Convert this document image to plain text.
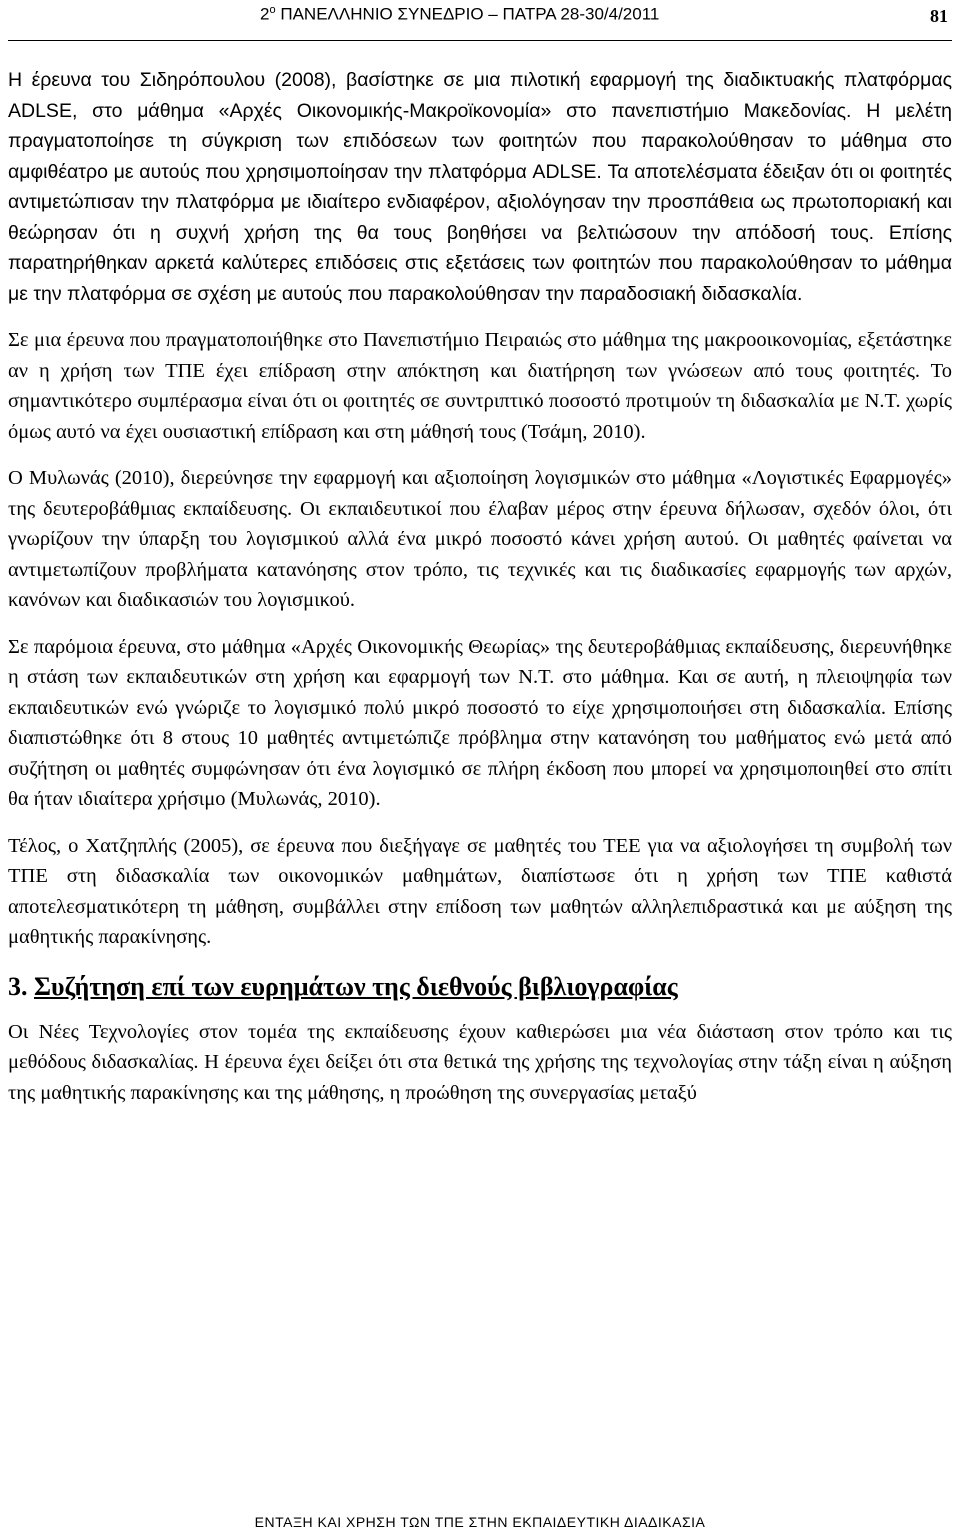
$2^o$ ΠΑΝΕΛΛΗΝΙΟ ΣΥΝΕΔΡΙΟ – ΠΑΤΡΑ 28-30/4/2011	81

Η έρευνα του Σιδηρόπουλου (2008), βασίστηκε σε μια πιλοτική εφαρμογή της διαδικτυακής πλατφόρμας ADLSE, στο μάθημα «Αρχές Οικονομικής-Μακροϊκονομία» στο πανεπιστήμιο Μακεδονίας. Η μελέτη πραγματοποίησε τη σύγκριση των επιδόσεων των φοιτητών που παρακολούθησαν το μάθημα στο αμφιθέατρο με αυτούς που χρησιμοποίησαν την πλατφόρμα ADLSE. Τα αποτελέσματα έδειξαν ότι οι φοιτητές αντιμετώπισαν την πλατφόρμα με ιδιαίτερο ενδιαφέρον, αξιολόγησαν την προσπάθεια ως πρωτοποριακή και θεώρησαν ότι η συχνή χρήση της θα τους βοηθήσει να βελτιώσουν την απόδοσή τους. Επίσης παρατηρήθηκαν αρκετά καλύτερες επιδόσεις στις εξετάσεις των φοιτητών που παρακολούθησαν το μάθημα με την πλατφόρμα σε σχέση με αυτούς που παρακολούθησαν την παραδοσιακή διδασκαλία.

Σε μια έρευνα που πραγματοποιήθηκε στο Πανεπιστήμιο Πειραιώς στο μάθημα της μακροοικονομίας, εξετάστηκε αν η χρήση των ΤΠΕ έχει επίδραση στην απόκτηση και διατήρηση των γνώσεων από τους φοιτητές. Το σημαντικότερο συμπέρασμα είναι ότι οι φοιτητές σε συντριπτικό ποσοστό προτιμούν τη διδασκαλία με Ν.Τ. χωρίς όμως αυτό να έχει ουσιαστική επίδραση και στη μάθησή τους (Τσάμη, 2010).

Ο Μυλωνάς (2010), διερεύνησε την εφαρμογή και αξιοποίηση λογισμικών στο μάθημα «Λογιστικές Εφαρμογές» της δευτεροβάθμιας εκπαίδευσης. Οι εκπαιδευτικοί που έλαβαν μέρος στην έρευνα δήλωσαν, σχεδόν όλοι, ότι γνωρίζουν την ύπαρξη του λογισμικού αλλά ένα μικρό ποσοστό κάνει χρήση αυτού. Οι μαθητές φαίνεται να αντιμετωπίζουν προβλήματα κατανόησης στον τρόπο, τις τεχνικές και τις διαδικασίες εφαρμογής των αρχών, κανόνων και διαδικασιών του λογισμικού.

Σε παρόμοια έρευνα, στο μάθημα «Αρχές Οικονομικής Θεωρίας» της δευτεροβάθμιας εκπαίδευσης, διερευνήθηκε η στάση των εκπαιδευτικών στη χρήση και εφαρμογή των Ν.Τ. στο μάθημα. Και σε αυτή, η πλειοψηφία των εκπαιδευτικών ενώ γνώριζε το λογισμικό πολύ μικρό ποσοστό το είχε χρησιμοποιήσει στη διδασκαλία. Επίσης διαπιστώθηκε ότι 8 στους 10 μαθητές αντιμετώπιζε πρόβλημα στην κατανόηση του μαθήματος ενώ μετά από συζήτηση οι μαθητές συμφώνησαν ότι ένα λογισμικό σε πλήρη έκδοση που μπορεί να χρησιμοποιηθεί στο σπίτι θα ήταν ιδιαίτερα χρήσιμο (Μυλωνάς, 2010).

Τέλος, ο Χατζηπλής (2005), σε έρευνα που διεξήγαγε σε μαθητές του ΤΕΕ για να αξιολογήσει τη συμβολή των ΤΠΕ στη διδασκαλία των οικονομικών μαθημάτων, διαπίστωσε ότι η χρήση των ΤΠΕ καθιστά αποτελεσματικότερη τη μάθηση, συμβάλλει στην επίδοση των μαθητών αλληλεπιδραστικά και με αύξηση της μαθητικής παρακίνησης.

3. Συζήτηση επί των ευρημάτων της διεθνούς βιβλιογραφίας

Οι Νέες Τεχνολογίες στον τομέα της εκπαίδευσης έχουν καθιερώσει μια νέα διάσταση στον τρόπο και τις μεθόδους διδασκαλίας. Η έρευνα έχει δείξει ότι στα θετικά της χρήσης της τεχνολογίας στην τάξη είναι η αύξηση της μαθητικής παρακίνησης και της μάθησης, η προώθηση της συνεργασίας μεταξύ

ΕΝΤΑΞΗ ΚΑΙ ΧΡΗΣΗ ΤΩΝ ΤΠΕ ΣΤΗΝ ΕΚΠΑΙΔΕΥΤΙΚΗ ΔΙΑΔΙΚΑΣΙΑ
